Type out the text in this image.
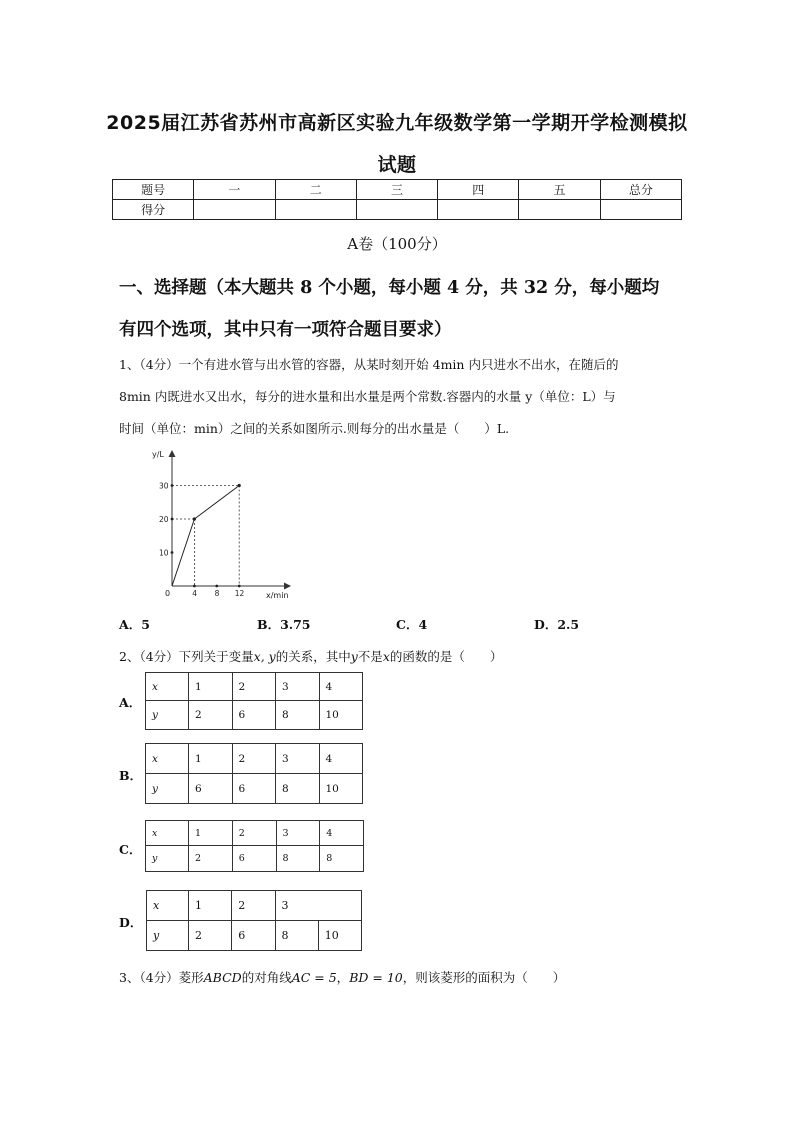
2025届江苏省苏州市高新区实验九年级数学第一学期开学检测模拟
试题
题号	一	二	三	四	五	总分
得分						
A卷（100分）
一、选择题（本大题共 8 个小题，每小题 4 分，共 32 分，每小题均
有四个选项，其中只有一项符合题目要求）
1、（4分）一个有进水管与出水管的容器，从某时刻开始 4min 内只进水不出水，在随后的
8min 内既进水又出水，每分的进水量和出水量是两个常数.容器内的水量 y（单位：L）与
时间（单位：min）之间的关系如图所示.则每分的出水量是（　　）L.
y/L
x/min
0
10
20
30
4 8 12
A．5	B．3.75	C．4	D．2.5
2、（4分）下列关于变量x, y的关系，其中y不是x的函数的是（　　）
A．
x	1	2	3	4
y	2	6	8	10
B．
x	1	2	3	4
y	6	6	8	10
C．
x	1	2	3	4
y	2	6	8	8
D．
x	1	2	3	
y	2	6	8	10
3、（4分）菱形ABCD的对角线AC = 5，BD = 10，则该菱形的面积为（　　）
